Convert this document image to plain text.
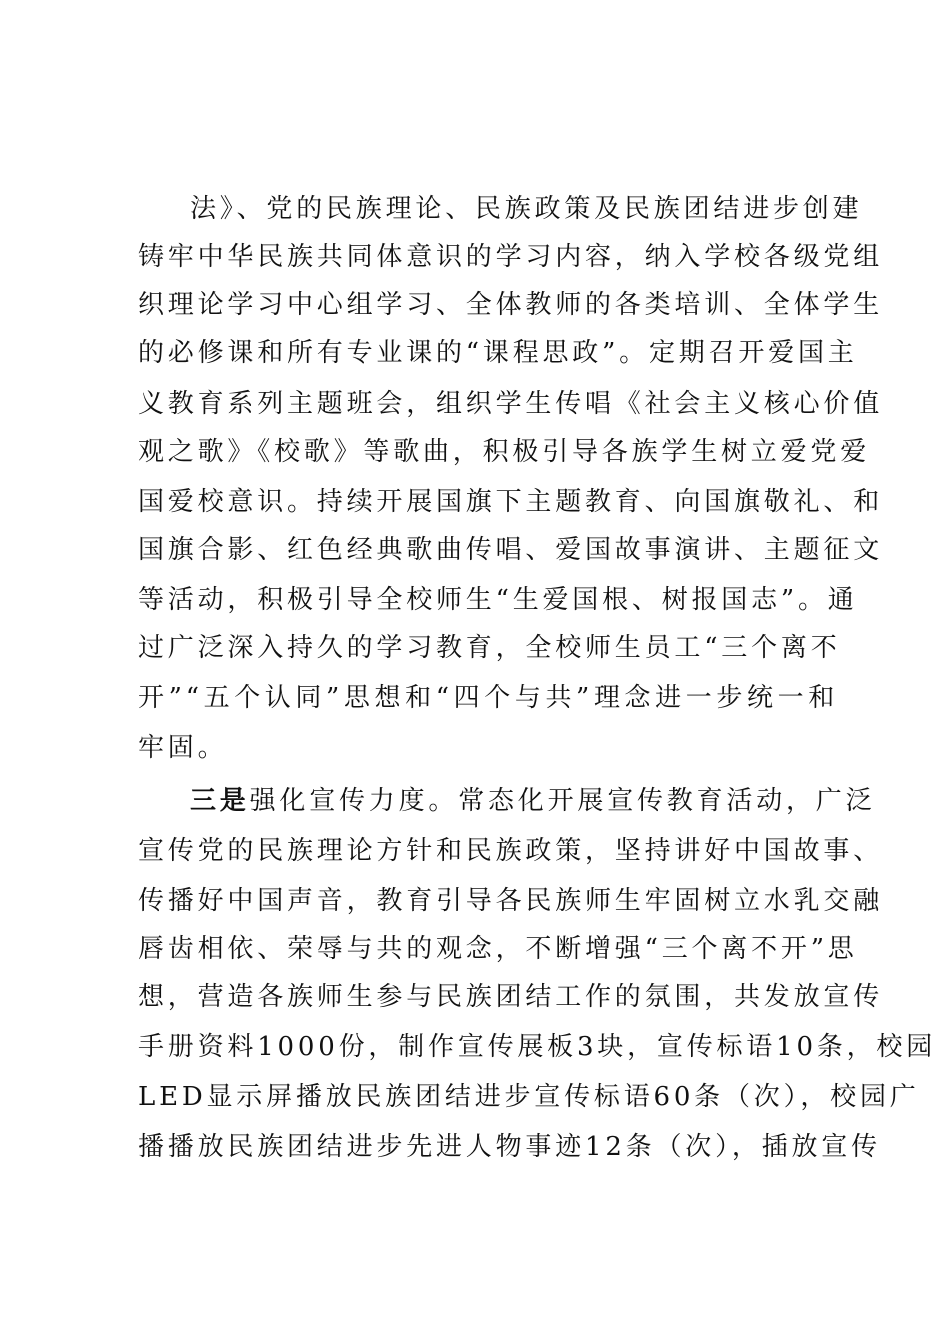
法》、党的民族理论、民族政策及民族团结进步创建
铸牢中华民族共同体意识的学习内容，纳入学校各级党组
织理论学习中心组学习、全体教师的各类培训、全体学生
的必修课和所有专业课的“课程思政”。定期召开爱国主
义教育系列主题班会，组织学生传唱《社会主义核心价值
观之歌》《校歌》等歌曲，积极引导各族学生树立爱党爱
国爱校意识。持续开展国旗下主题教育、向国旗敬礼、和
国旗合影、红色经典歌曲传唱、爱国故事演讲、主题征文
等活动，积极引导全校师生“生爱国根、树报国志”。通
过广泛深入持久的学习教育，全校师生员工“三个离不
开”“五个认同”思想和“四个与共”理念进一步统一和
牢固。
三是强化宣传力度。常态化开展宣传教育活动，广泛
宣传党的民族理论方针和民族政策，坚持讲好中国故事、
传播好中国声音，教育引导各民族师生牢固树立水乳交融
唇齿相依、荣辱与共的观念，不断增强“三个离不开”思
想，营造各族师生参与民族团结工作的氛围，共发放宣传
手册资料1000份，制作宣传展板3块，宣传标语10条，校园
LED显示屏播放民族团结进步宣传标语60条（次），校园广
播播放民族团结进步先进人物事迹12条（次），插放宣传
